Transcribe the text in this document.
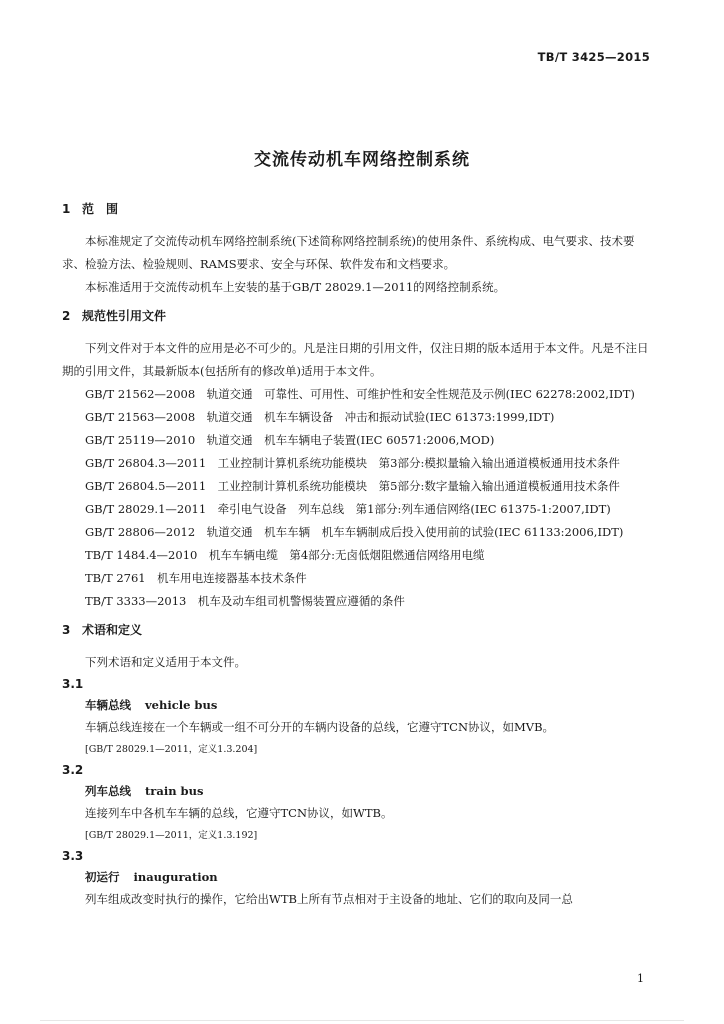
TB/T 3425—2015
交流传动机车网络控制系统
1 范　围

本标准规定了交流传动机车网络控制系统(下述简称网络控制系统)的使用条件、系统构成、电气要求、技术要求、检验方法、检验规则、RAMS要求、安全与环保、软件发布和文档要求。

本标准适用于交流传动机车上安装的基于GB/T 28029.1—2011的网络控制系统。

2 规范性引用文件

下列文件对于本文件的应用是必不可少的。凡是注日期的引用文件，仅注日期的版本适用于本文件。凡是不注日期的引用文件，其最新版本(包括所有的修改单)适用于本文件。

GB/T 21562—2008　轨道交通　可靠性、可用性、可维护性和安全性规范及示例(IEC 62278:2002,IDT)

GB/T 21563—2008　轨道交通　机车车辆设备　冲击和振动试验(IEC 61373:1999,IDT)

GB/T 25119—2010　轨道交通　机车车辆电子装置(IEC 60571:2006,MOD)

GB/T 26804.3—2011　工业控制计算机系统功能模块　第3部分:模拟量输入输出通道模板通用技术条件

GB/T 26804.5—2011　工业控制计算机系统功能模块　第5部分:数字量输入输出通道模板通用技术条件

GB/T 28029.1—2011　牵引电气设备　列车总线　第1部分:列车通信网络(IEC 61375-1:2007,IDT)

GB/T 28806—2012　轨道交通　机车车辆　机车车辆制成后投入使用前的试验(IEC 61133:2006,IDT)

TB/T 1484.4—2010　机车车辆电缆　第4部分:无卤低烟阻燃通信网络用电缆

TB/T 2761　机车用电连接器基本技术条件

TB/T 3333—2013　机车及动车组司机警惕装置应遵循的条件

3 术语和定义

下列术语和定义适用于本文件。

3.1

车辆总线 vehicle bus

车辆总线连接在一个车辆或一组不可分开的车辆内设备的总线，它遵守TCN协议，如MVB。

[GB/T 28029.1—2011，定义1.3.204]

3.2

列车总线 train bus

连接列车中各机车车辆的总线，它遵守TCN协议，如WTB。

[GB/T 28029.1—2011，定义1.3.192]

3.3

初运行 inauguration

列车组成改变时执行的操作，它给出WTB上所有节点相对于主设备的地址、它们的取向及同一总

1
